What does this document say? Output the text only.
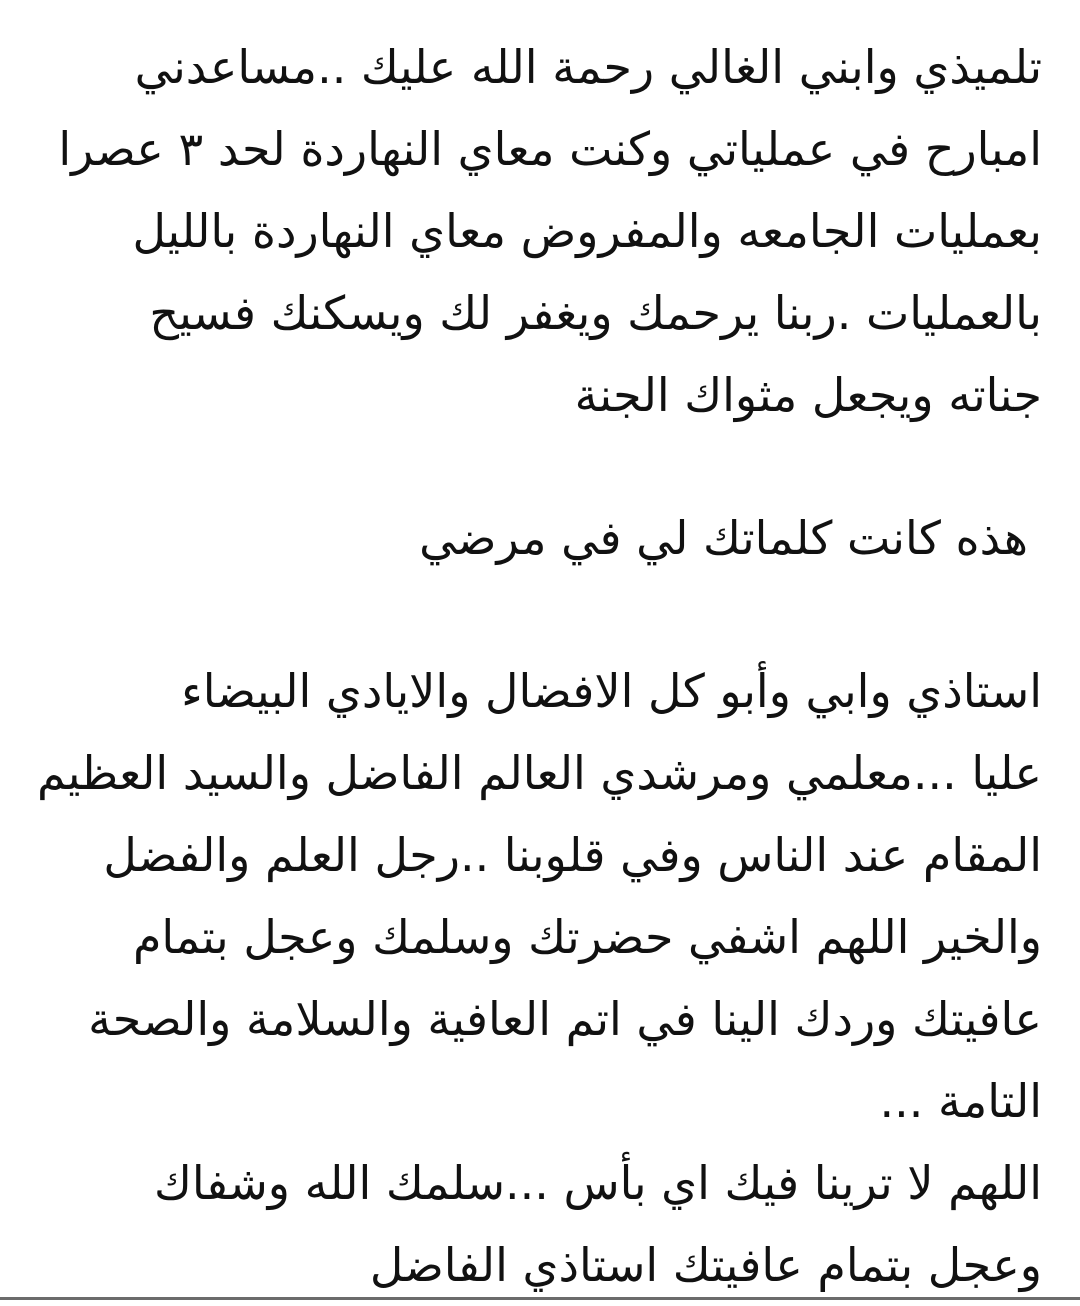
تلميذي وابني الغالي رحمة الله عليك ..مساعدني
امبارح في عملياتي وكنت معاي النهاردة لحد ٣ عصرا
بعمليات الجامعه والمفروض معاي النهاردة بالليل
بالعمليات .ربنا يرحمك ويغفر لك ويسكنك فسيح
جناته ويجعل مثواك الجنة
هذه كانت كلماتك لي في مرضي
استاذي وابي وأبو كل الافضال والايادي البيضاء
عليا ...معلمي ومرشدي العالم الفاضل والسيد العظيم
المقام عند الناس وفي قلوبنا ..رجل العلم والفضل
والخير اللهم اشفي حضرتك وسلمك وعجل بتمام
عافيتك وردك الينا في اتم العافية والسلامة والصحة
التامة ...
اللهم لا ترينا فيك اي بأس ...سلمك الله وشفاك
وعجل بتمام عافيتك استاذي الفاضل
